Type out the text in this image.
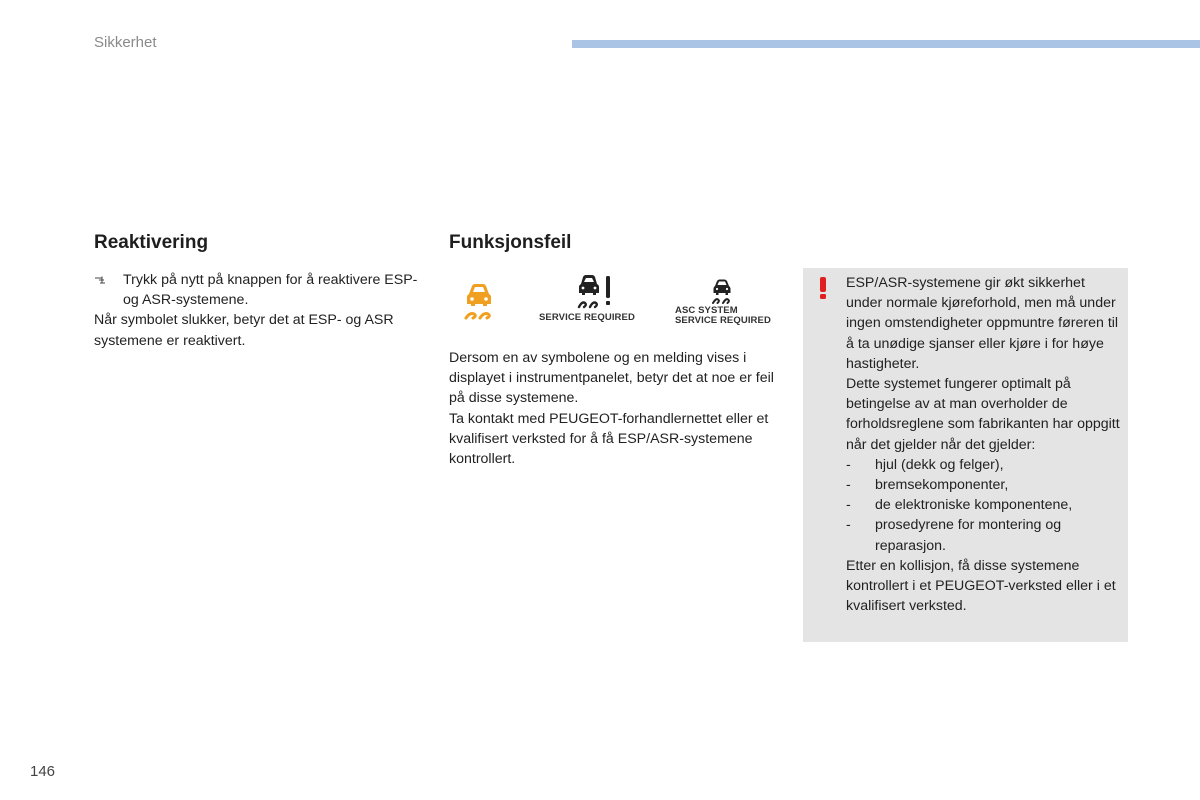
Sikkerhet
Reaktivering
Trykk på nytt på knappen for å reaktivere ESP- og ASR-systemene.
Når symbolet slukker, betyr det at ESP- og ASR systemene er reaktivert.
Funksjonsfeil
SERVICE REQUIRED
ASC SYSTEM
SERVICE REQUIRED
Dersom en av symbolene og en melding vises i displayet i instrumentpanelet, betyr det at noe er feil på disse systemene.
Ta kontakt med PEUGEOT-forhandlernettet eller et kvalifisert verksted for å få ESP/ASR-systemene kontrollert.
ESP/ASR-systemene gir økt sikkerhet under normale kjøreforhold, men må under ingen omstendigheter oppmuntre føreren til å ta unødige sjanser eller kjøre i for høye hastigheter.
Dette systemet fungerer optimalt på betingelse av at man overholder de forholdsreglene som fabrikanten har oppgitt når det gjelder når det gjelder:
-	hjul (dekk og felger),
-	bremsekomponenter,
-	de elektroniske komponentene,
-	prosedyrene for montering og reparasjon.
Etter en kollisjon, få disse systemene kontrollert i et PEUGEOT-verksted eller i et kvalifisert verksted.
146
